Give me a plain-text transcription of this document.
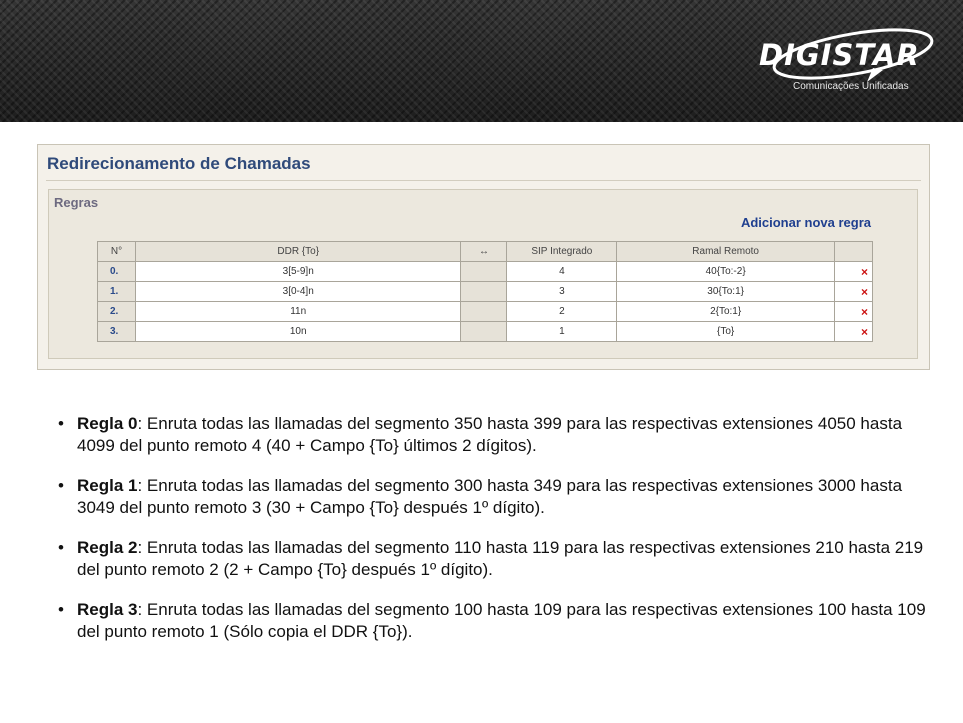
DIGISTAR
Comunicações Unificadas
Redirecionamento de Chamadas
Regras
Adicionar nova regra
N°	DDR {To}	↔	SIP Integrado	Ramal Remoto	
0.	3[5-9]n		4	40{To:-2}	×
1.	3[0-4]n		3	30{To:1}	×
2.	11n		2	2{To:1}	×
3.	10n		1	{To}	×
• Regla 0: Enruta todas las llamadas del segmento 350 hasta 399 para las respectivas extensiones 4050 hasta 4099 del punto remoto 4 (40 + Campo {To} últimos 2 dígitos).
• Regla 1: Enruta todas las llamadas del segmento 300 hasta 349 para las respectivas extensiones 3000 hasta 3049 del punto remoto 3 (30 + Campo {To} después 1º dígito).
• Regla 2: Enruta todas las llamadas del segmento 110 hasta 119 para las respectivas extensiones 210 hasta 219 del punto remoto 2 (2 + Campo {To} después 1º dígito).
• Regla 3: Enruta todas las llamadas del segmento 100 hasta 109 para las respectivas extensiones 100 hasta 109 del punto remoto 1 (Sólo copia el DDR {To}).
